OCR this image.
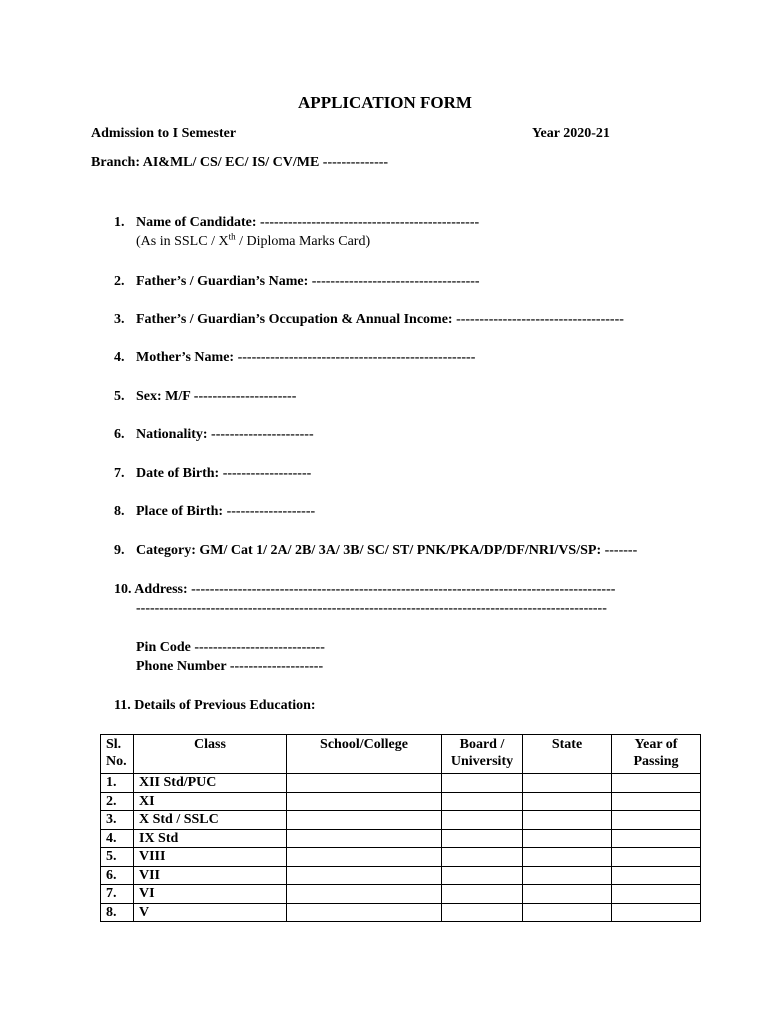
APPLICATION FORM
Admission to I Semester	Year 2020-21
Branch: AI&ML/ CS/ EC/ IS/ CV/ME --------------
1. Name of Candidate: -----------------------------------------------
(As in SSLC / Xth / Diploma Marks Card)
2. Father’s / Guardian’s Name: ------------------------------------
3. Father’s / Guardian’s Occupation & Annual Income: ------------------------------------
4. Mother’s Name: ---------------------------------------------------
5. Sex: M/F ----------------------
6. Nationality: ----------------------
7. Date of Birth: -------------------
8. Place of Birth: -------------------
9. Category: GM/ Cat 1/ 2A/ 2B/ 3A/ 3B/ SC/ ST/ PNK/PKA/DP/DF/NRI/VS/SP: -------
10. Address: -------------------------------------------------------------------------------------------
-----------------------------------------------------------------------------------------------------
Pin Code ----------------------------
Phone Number --------------------
11. Details of Previous Education:
Sl. No.	Class	School/College	Board / University	State	Year of Passing
1.	XII Std/PUC				
2.	XI				
3.	X Std / SSLC				
4.	IX Std				
5.	VIII				
6.	VII				
7.	VI				
8.	V				
